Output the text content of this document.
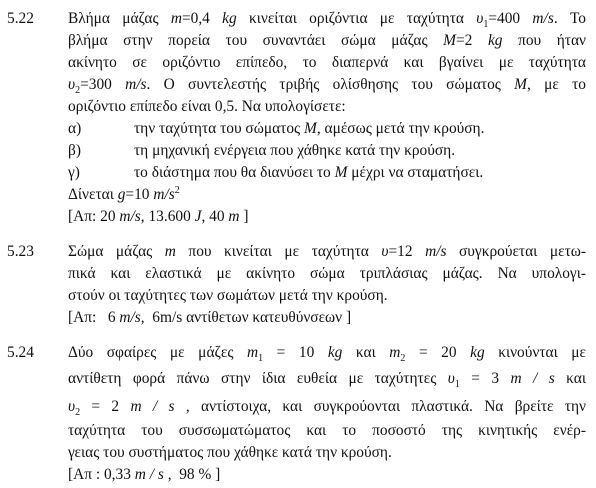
5.22 Βλήμα μάζας m=0,4 kg κινείται οριζόντια με ταχύτητα $\upsilon_1=400$ m/s. Το
βλήμα στην πορεία του συναντάει σώμα μάζας M=2 kg που ήταν
ακίνητο σε οριζόντιο επίπεδο, το διαπερνά και βγαίνει με ταχύτητα
$\upsilon_2=300$ m/s. Ο συντελεστής τριβής ολίσθησης του σώματος M, με το
οριζόντιο επίπεδο είναι 0,5. Να υπολογίσετε:
α)	την ταχύτητα του σώματος M, αμέσως μετά την κρούση.
β)	τη μηχανική ενέργεια που χάθηκε κατά την κρούση.
γ)	το διάστημα που θα διανύσει το M μέχρι να σταματήσει.
Δίνεται g=10 $m/s^2$
[Απ: 20 m/s, 13.600 J, 40 m ]
5.23 Σώμα μάζας m που κινείται με ταχύτητα υ=12 m/s συγκρούεται μετω-
πικά και ελαστικά με ακίνητο σώμα τριπλάσιας μάζας. Να υπολογι-
στούν οι ταχύτητες των σωμάτων μετά την κρούση.
[Απ:   6 m/s,  6m/s αντίθετων κατευθύνσεων ]
5.24 Δύο σφαίρες με μάζες $m_1 = 10$ kg και $m_2 = 20$ kg κινούνται με
αντίθετη φορά πάνω στην ίδια ευθεία με ταχύτητες $\upsilon_1 = 3$ m / s και
$\upsilon_2 = 2$ m / s , αντίστοιχα, και συγκρούονται πλαστικά. Να βρείτε την
ταχύτητα του συσσωματώματος και το ποσοστό της κινητικής ενέρ-
γειας του συστήματος που χάθηκε κατά την κρούση.
[Απ : 0,33 m / s ,  98 % ]
